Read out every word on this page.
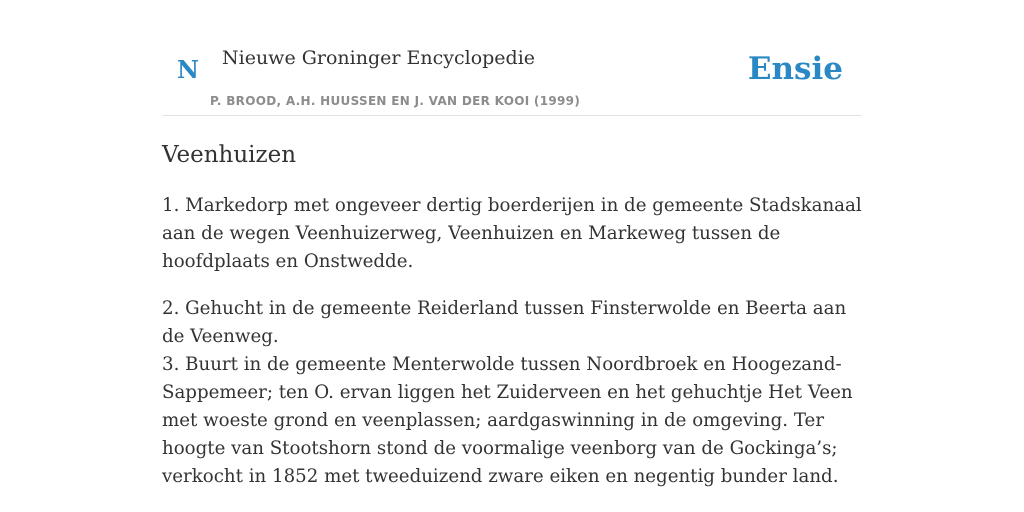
N Nieuwe Groninger Encyclopedie
P. BROOD, A.H. HUUSSEN EN J. VAN DER KOOI (1999)
Ensie
Veenhuizen

1. Markedorp met ongeveer dertig boerderijen in de gemeente Stadskanaal aan de wegen Veenhuizerweg, Veenhuizen en Markeweg tussen de hoofdplaats en Onstwedde.

2. Gehucht in de gemeente Reiderland tussen Finsterwolde en Beerta aan de Veenweg.

3. Buurt in de gemeente Menterwolde tussen Noordbroek en Hoogezand-Sappemeer; ten O. ervan liggen het Zuiderveen en het gehuchtje Het Veen met woeste grond en veenplassen; aardgaswinning in de omgeving. Ter hoogte van Stootshorn stond de voormalige veenborg van de Gockinga’s; verkocht in 1852 met tweeduizend zware eiken en negentig bunder land.
